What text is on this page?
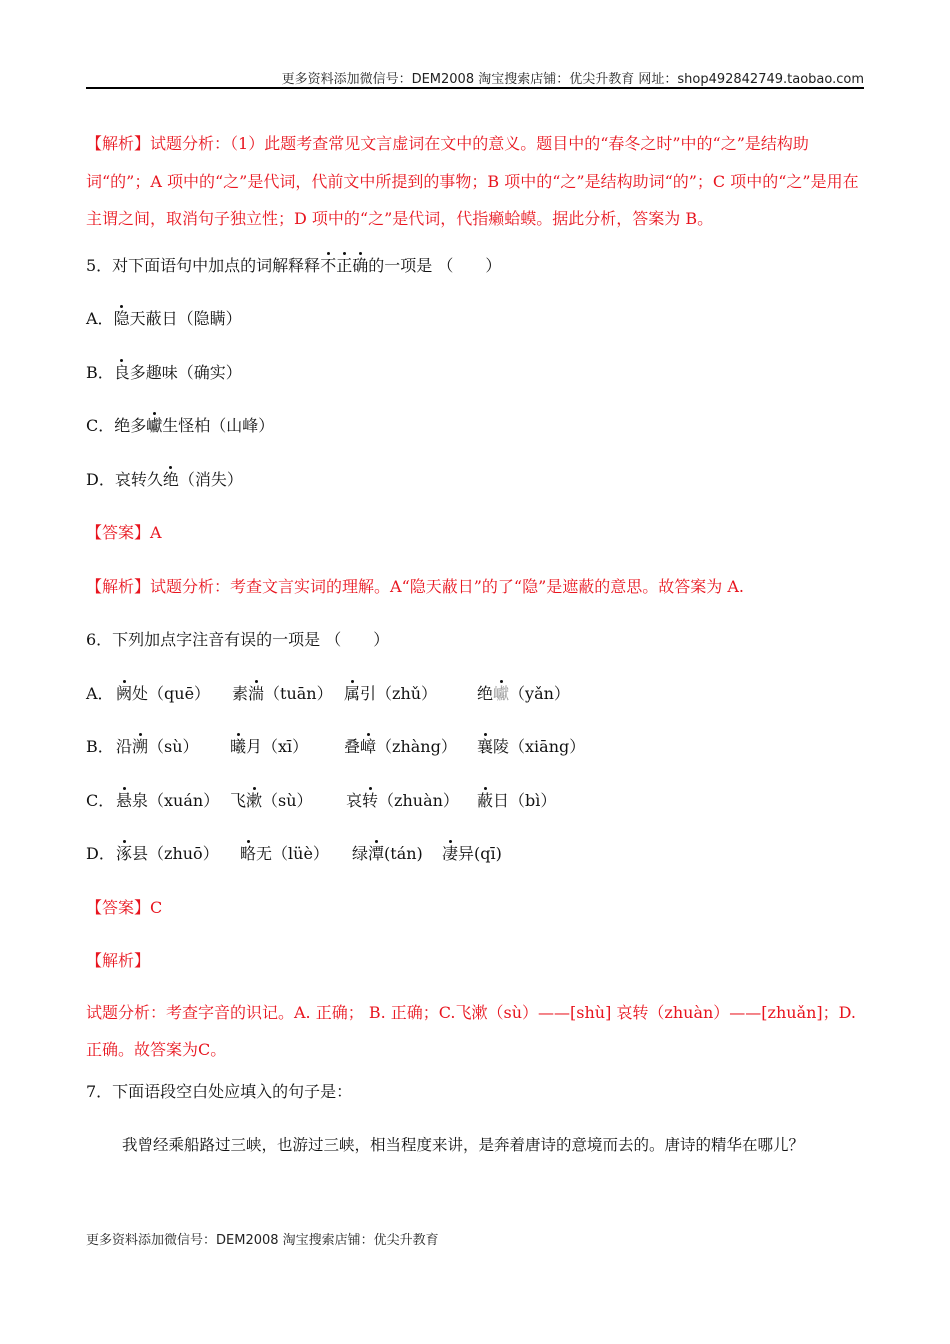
更多资料添加微信号：DEM2008 淘宝搜索店铺：优尖升教育 网址：shop492842749.taobao.com

【解析】试题分析：（1）此题考查常见文言虚词在文中的意义。题目中的“春冬之时”中的“之”是结构助词“的”；A 项中的“之”是代词，代前文中所提到的事物；B 项中的“之”是结构助词“的”；C 项中的“之”是用在主谓之间，取消句子独立性；D 项中的“之”是代词，代指癞蛤蟆。据此分析，答案为 B。

5．对下面语句中加点的词解释释不正确的一项是 （　　）

A．隐天蔽日（隐瞒）

B．良多趣味（确实）

C．绝多巘生怪柏（山峰）

D．哀转久绝（消失）

【答案】A

【解析】试题分析：考查文言实词的理解。A“隐天蔽日”的了“隐”是遮蔽的意思。故答案为 A.

6．下列加点字注音有误的一项是 （　　）

A． 阙处（quē）	素湍（tuān） 属引（zhǔ）	绝巘（yǎn）
B． 沿溯（sù）	曦月（xī）	叠嶂（zhàng）	襄陵（xiāng）
C． 悬泉（xuán） 飞漱（sù）	哀转（zhuàn）	蔽日（bì）
D． 涿县（zhuō）	略无（lüè）	绿潭(tán)	凄异(qī)

【答案】C

【解析】

试题分析：考查字音的识记。A. 正确； B. 正确；C.飞漱（sù）——[shù] 哀转（zhuàn）——[zhuǎn]；D. 正确。故答案为C。

7．下面语段空白处应填入的句子是：

我曾经乘船路过三峡，也游过三峡，相当程度来讲，是奔着唐诗的意境而去的。唐诗的精华在哪儿？

更多资料添加微信号：DEM2008 淘宝搜索店铺：优尖升教育
